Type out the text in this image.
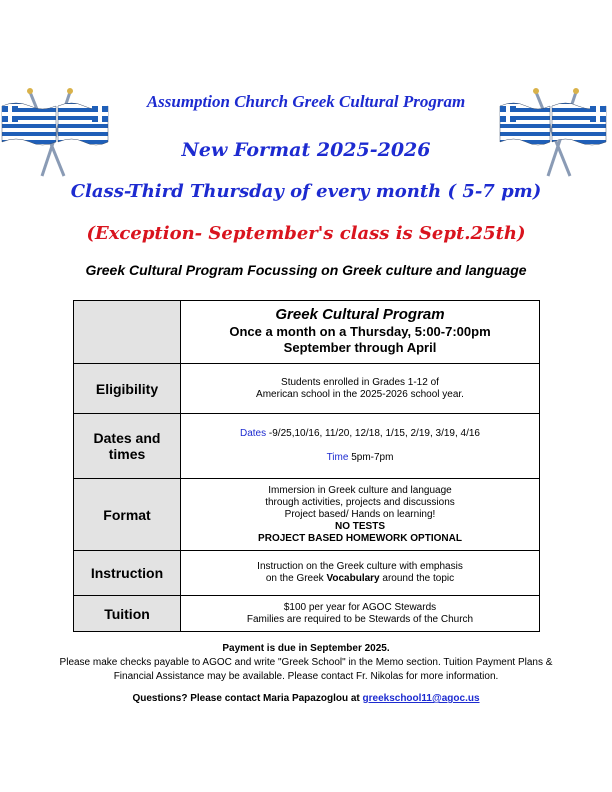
Assumption Church Greek Cultural Program
New Format 2025-2026
Class-Third Thursday of every month ( 5-7 pm)
(Exception- September's class is Sept.25th)
Greek Cultural Program Focussing on Greek culture and language

	Greek Cultural Program
Once a month on a Thursday, 5:00-7:00pm
September through April

Eligibility	Students enrolled in Grades 1-12 of
American school in the 2025-2026 school year.

Dates and times	Dates -9/25,10/16, 11/20, 12/18, 1/15, 2/19, 3/19, 4/16
Time 5pm-7pm

Format	Immersion in Greek culture and language
through activities, projects and discussions
Project based/ Hands on learning!
NO TESTS
PROJECT BASED HOMEWORK OPTIONAL

Instruction	Instruction on the Greek culture with emphasis
on the Greek Vocabulary around the topic

Tuition	$100 per year for AGOC Stewards
Families are required to be Stewards of the Church
Payment is due in September 2025.
Please make checks payable to AGOC and write "Greek School" in the Memo section. Tuition Payment Plans &
Financial Assistance may be available. Please contact Fr. Nikolas for more information.
Questions? Please contact Maria Papazoglou at greekschool11@agoc.us
